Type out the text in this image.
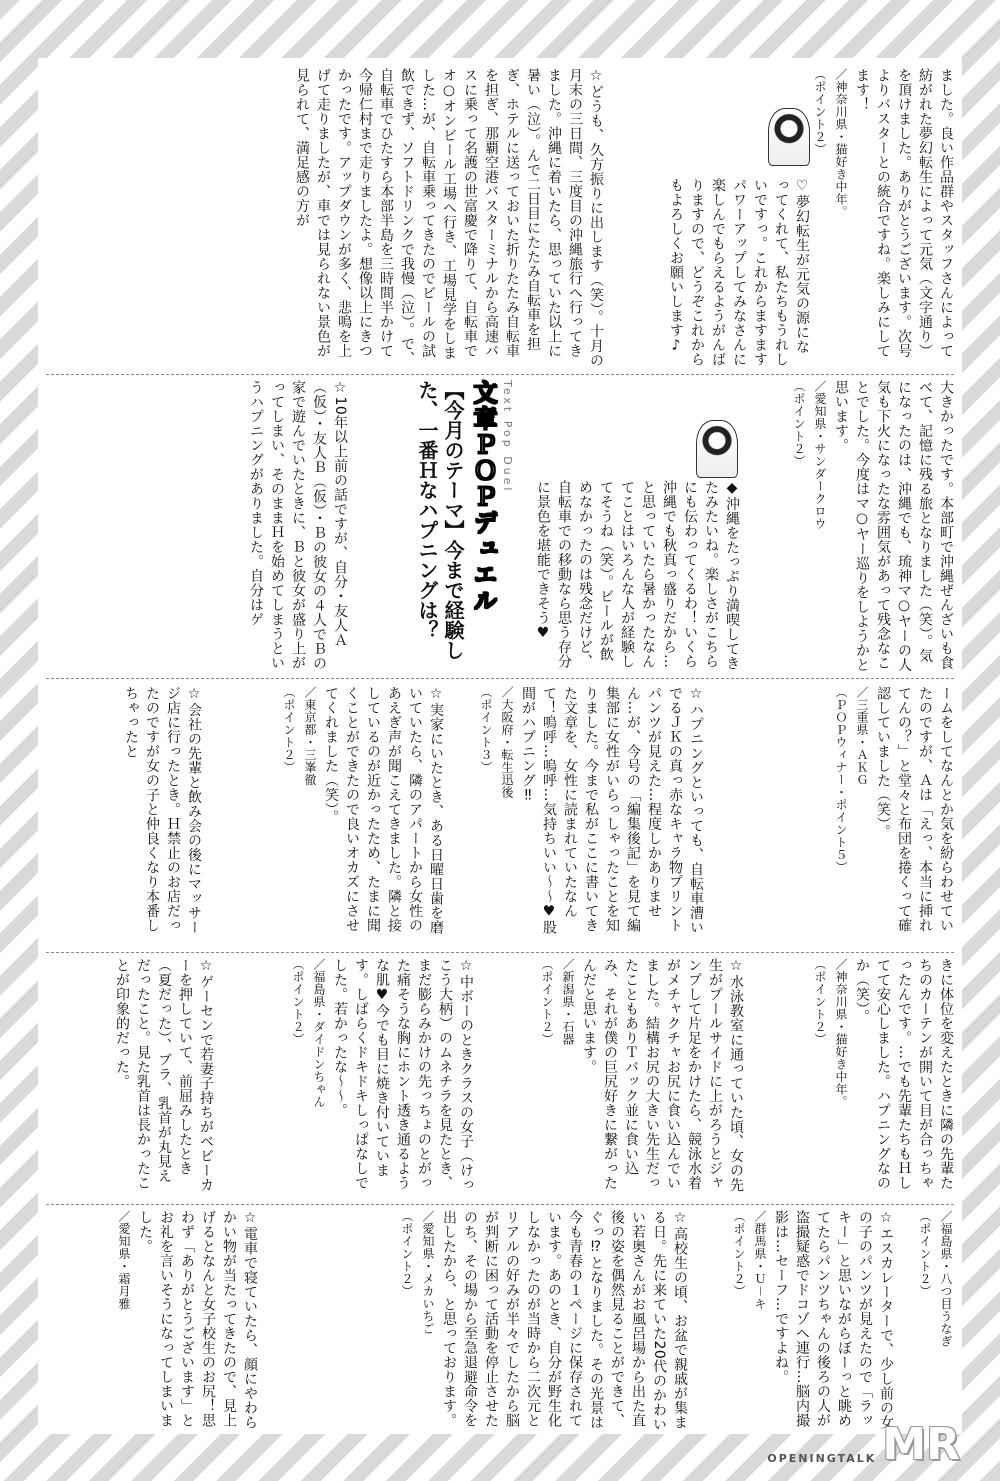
ました。良い作品群やスタッフさんによって紡がれた夢幻転生によって元気（文字通り）を頂けました。ありがとうございます。次号よりバスターとの統合ですね。楽しみにしてます！
／神奈川県・猫好き中年。
（ポイント２）
♡夢幻転生が元気の源になってくれて、私たちもうれしいですっ。これからますますパワーアップしてみなさんに楽しんでもらえるようがんばりますので、どうぞこれからもよろしくお願いします♪
☆どうも、久方振りに出します（笑）。十月の月末の三日間、三度目の沖縄旅行へ行ってきました。沖縄に着いたら、思っていた以上に暑い（泣）。んで二日目にたたみ自転車を担ぎ、ホテルに送っておいた折りたたみ自転車を担ぎ、那覇空港バスターミナルから高速バスに乗って名護の世富慶で降りて、自転車でオ○オンビール工場へ行き、工場見学をしました…が、自転車乗ってきたのでビールの試飲できず、ソフトドリンクで我慢（泣）。で、自転車でひたすら本部半島を三時間半かけて今帰仁村まで走りましたよ。想像以上にきつかったです。アップダウンが多く、悲鳴を上げて走りましたが、車では見られない景色が見られて、満足感の方が
大きかったです。本部町で沖縄ぜんざいも食べて、記憶に残る旅となりました（笑）。気になったのは、沖縄でも、琉神マ○ヤーの人気も下火になったな雰囲気があって残念なことでした。今度はマ○ヤー巡りをしようかと思います。
／愛知県・サンダークロウ
（ポイント２）
◆沖縄をたっぷり満喫してきたみたいね。楽しさがこちらにも伝わってくるわ！いくら沖縄でも秋真っ盛りだから…と思っていたら暑かったなんてことはいろんな人が経験してそうね（笑）。ビールが飲めなかったのは残念だけど、自転車での移動なら思う存分に景色を堪能できそう♥
Text Pop Duel
文章ＰＯＰデュエル
【今月のテーマ】今まで経験した、一番Ｈなハプニングは？
☆10年以上前の話ですが、自分・友人Ａ（仮）・友人Ｂ（仮）・Ｂの彼女の４人でＢの家で遊んでいたときに、Ｂと彼女が盛り上がってしまい、そのままＨを始めてしまうというハプニングがありました。自分はゲ
ームをしてなんとか気を紛らわせていたのですが、Ａは「えっ、本当に挿れてんの？」と堂々と布団を捲くって確認していました（笑）。
／三重県・ＡＫＧ
（ＰＯＰウィナー・ポイント５）
☆ハプニングといっても、自転車漕いでるＪＫの真っ赤なキャラ物プリントパンツが見えた…程度しかありません…が、今号の「編集後記」を見て編集部に女性がいらっしゃったことを知りました。今まで私がここに書いてきた文章を、女性に読まれていたなんて！嗚呼…嗚呼…気持ちいい～～♥股間がハプニング‼
／大阪府・転生迅後
（ポイント３）
☆実家にいたとき、ある日曜日歯を磨いていたら、隣のアパートから女性のあえぎ声が聞こえてきました。隣と接しているのが近かったため、たまに聞くことができたので良いオカズにさせてくれました（笑）。
／東京都・三峯徹
（ポイント２）
☆会社の先輩と飲み会の後にマッサージ店に行ったとき。Ｈ禁止のお店だったのですが女の子と仲良くなり本番しちゃったと
きに体位を変えたときに隣の先輩たちのカーテンが開いて目が合っちゃったんです。…でも先輩たちもＨしてて安心しました。ハプニングなのか（笑）。
／神奈川県・猫好き中年。
（ポイント２）
☆水泳教室に通っていた頃、女の先生がプールサイドに上がろうとジャンプして片足をかけたら、競泳水着がメチャクチャお尻に食い込んでいました。結構お尻の大きい先生だったこともありＴバック並に食い込み、それが僕の巨尻好きに繋がったんだと思います。
／新潟県・石器
（ポイント２）
☆中ボーのときクラスの女子（けっこう大柄）のムネチラを見たとき、まだ膨らみかけの先っちょのとがった痛そうな胸にホント透き通るような肌♥今でも目に焼き付いています。しばらくドキドキしっぱなしでした。若かったな～～。
／福島県・ダイドンちゃん
（ポイント２）
☆ゲーセンで若妻子持ちがベビーカーを押していて、前屈みしたとき（夏だった）、ブラ、乳首が丸見えだったこと。見た乳首は長かったことが印象的だった。
／福島県・八つ目うなぎ
（ポイント２）
☆エスカレーターで、少し前の女の子のパンツが見えたので「ラッキー」と思いながらぼーっと眺めてたらパンツちゃんの後ろの人が盗撮疑惑でドコゾへ連行…脳内撮影は…セーフ…ですよね。
／群馬県・Ｕ－キ
（ポイント２）
☆高校生の頃、お盆で親戚が集まる日。先に来ていた20代のかわいい若奥さんがお風呂場から出た直後の姿を偶然見ることができて、ぐっ⁉となりました。その光景は今も青春の１ページに保存されています。あのとき、自分が野生化しなかったのが当時から二次元とリアルの好みが半々でしたから脳が判断に困って活動を停止させたのち、その場から至急退避命令を出したから、と思っております。
／愛知県・メカいちご
（ポイント２）
☆電車で寝ていたら、顔にやわらかい物が当たってきたので、見上げるとなんと女子校生のお尻！思わず「ありがとうございます」とお礼を言いそうになってしまいました。
／愛知県・霜月雅
OPENINGTALK MR
